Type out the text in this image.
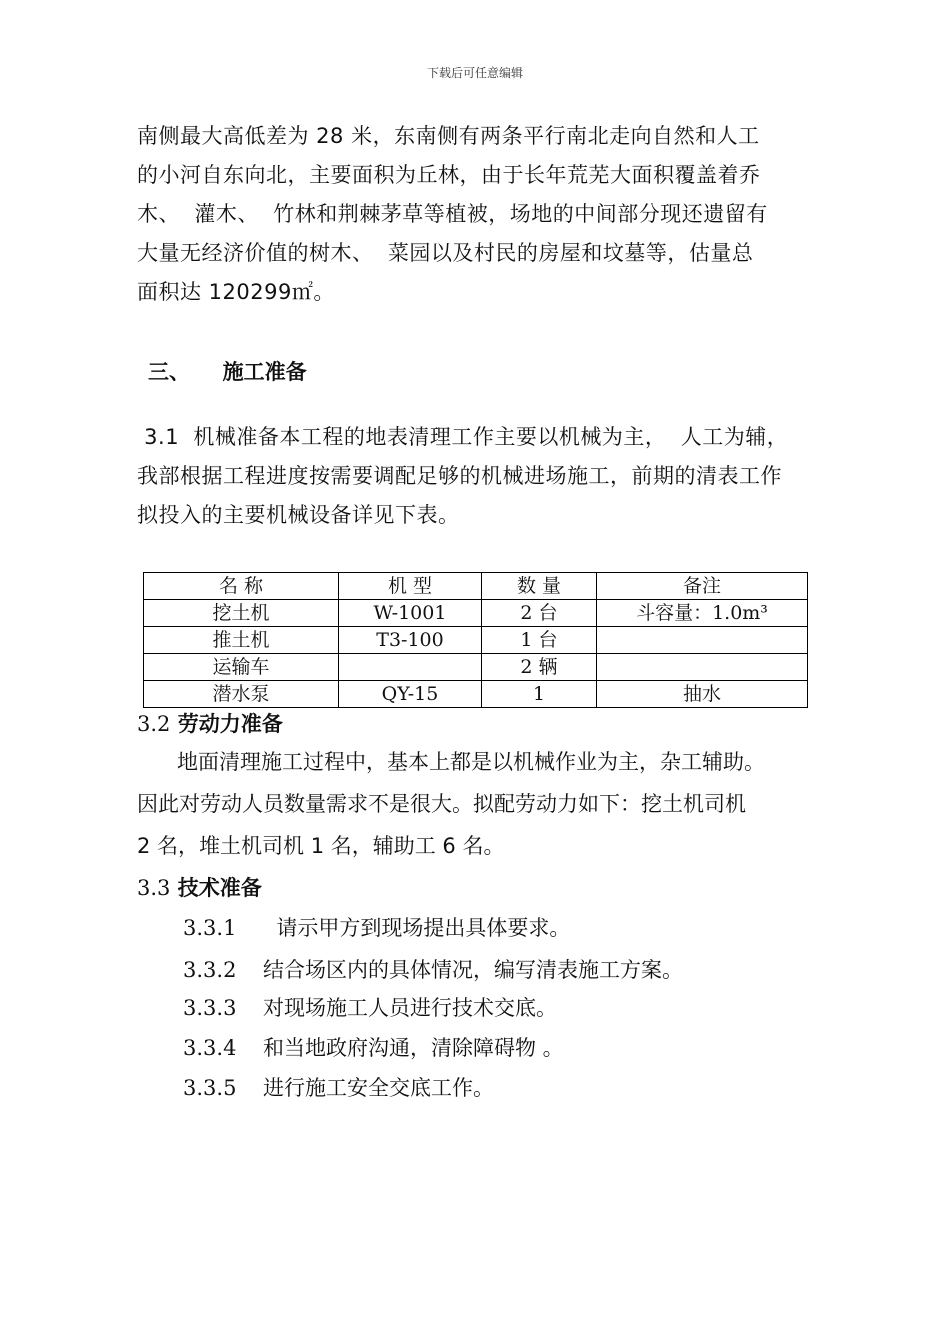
下载后可任意编辑
南侧最大高低差为 28 米，东南侧有两条平行南北走向自然和人工
的小河自东向北，主要面积为丘林，由于长年荒芜大面积覆盖着乔
木、  灌木、  竹林和荆棘茅草等植被，场地的中间部分现还遗留有
大量无经济价值的树木、  菜园以及村民的房屋和坟墓等，估量总
面积达 120299㎡。
三、 施工准备
3.1  机械准备本工程的地表清理工作主要以机械为主，  人工为辅，
我部根据工程进度按需要调配足够的机械进场施工，前期的清表工作
拟投入的主要机械设备详见下表。
名 称	机 型	数 量	备注
挖土机	W-1001	2 台	斗容量：1.0m³
推土机	T3-100	1 台	
运输车		2 辆	
潜水泵	QY-15	1	抽水
3.2 劳动力准备
地面清理施工过程中，基本上都是以机械作业为主，杂工辅助。
因此对劳动人员数量需求不是很大。拟配劳动力如下：挖土机司机
2 名，堆土机司机 1 名，辅助工 6 名。
3.3 技术准备
3.3.1  请示甲方到现场提出具体要求。
3.3.2 结合场区内的具体情况，编写清表施工方案。
3.3.3 对现场施工人员进行技术交底。
3.3.4 和当地政府沟通，清除障碍物 。
3.3.5 进行施工安全交底工作。
